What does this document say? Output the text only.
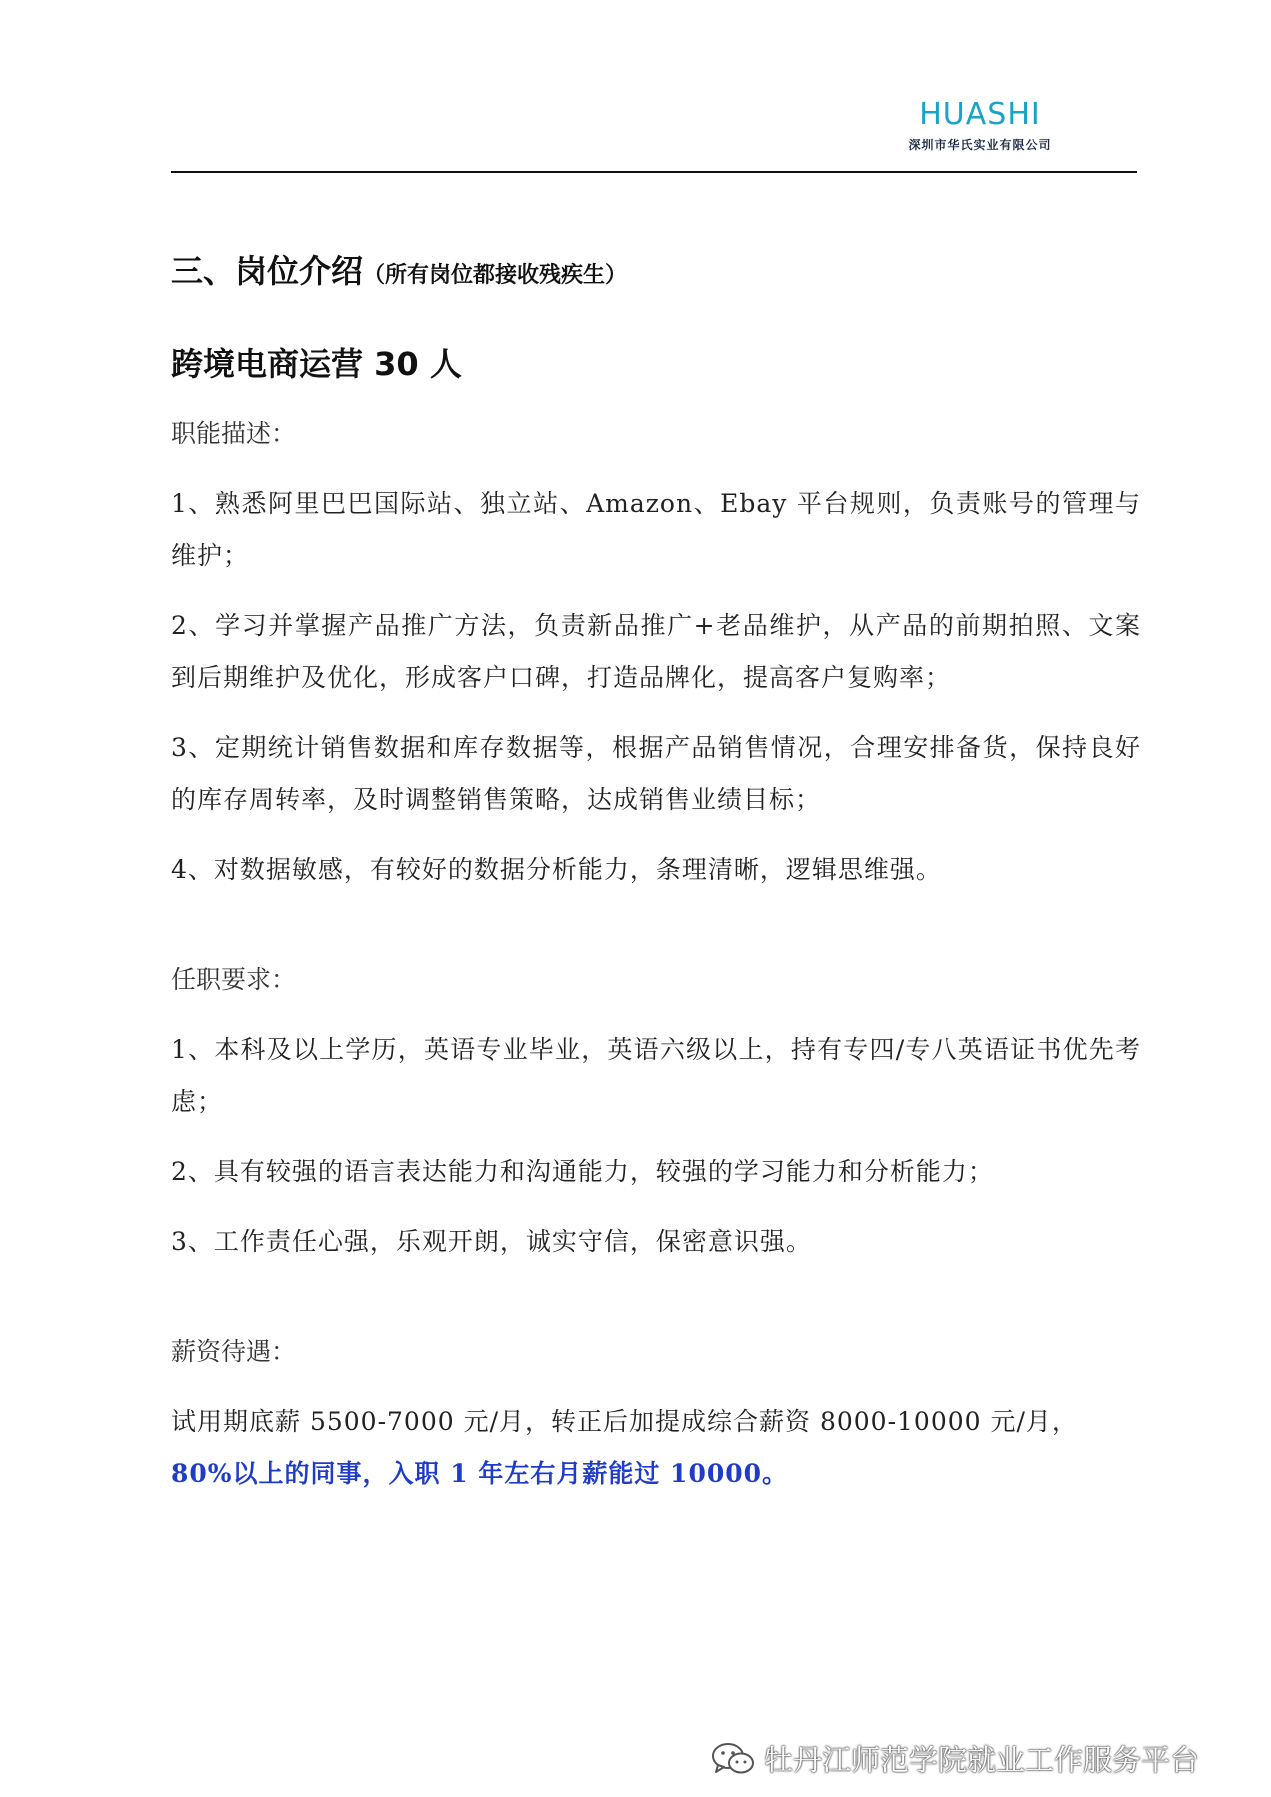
HUASHI
深圳市华氏实业有限公司
三、岗位介绍（所有岗位都接收残疾生）
跨境电商运营 30 人

职能描述：

1、熟悉阿里巴巴国际站、独立站、Amazon、Ebay 平台规则，负责账号的管理与维护；

2、学习并掌握产品推广方法，负责新品推广+老品维护，从产品的前期拍照、文案到后期维护及优化，形成客户口碑，打造品牌化，提高客户复购率；

3、定期统计销售数据和库存数据等，根据产品销售情况，合理安排备货，保持良好的库存周转率，及时调整销售策略，达成销售业绩目标；

4、对数据敏感，有较好的数据分析能力，条理清晰，逻辑思维强。

任职要求：

1、本科及以上学历，英语专业毕业，英语六级以上，持有专四/专八英语证书优先考虑；

2、具有较强的语言表达能力和沟通能力，较强的学习能力和分析能力；

3、工作责任心强，乐观开朗，诚实守信，保密意识强。

薪资待遇：

试用期底薪 5500-7000 元/月，转正后加提成综合薪资 8000-10000 元/月，
80%以上的同事，入职 1 年左右月薪能过 10000。

牡丹江师范学院就业工作服务平台
